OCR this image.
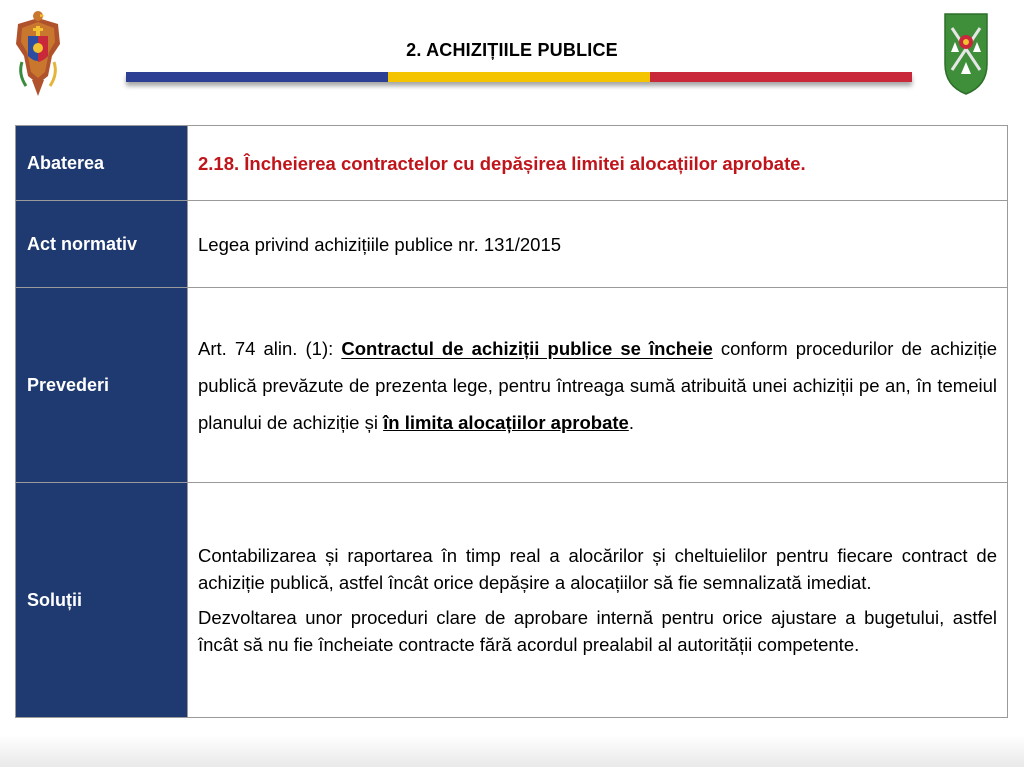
2. ACHIZIȚIILE PUBLICE
Abaterea	2.18. Încheierea contractelor cu depășirea limitei alocațiilor aprobate.
Act normativ	Legea privind achizițiile publice nr. 131/2015
Prevederi	Art. 74 alin. (1): Contractul de achiziții publice se încheie conform procedurilor de achiziție publică prevăzute de prezenta lege, pentru întreaga sumă atribuită unei achiziții pe an, în temeiul planului de achiziție și în limita alocațiilor aprobate.

Soluții	Contabilizarea și raportarea în timp real a alocărilor și cheltuielilor pentru fiecare contract de achiziție publică, astfel încât orice depășire a alocațiilor să fie semnalizată imediat.

Dezvoltarea unor proceduri clare de aprobare internă pentru orice ajustare a bugetului, astfel încât să nu fie încheiate contracte fără acordul prealabil al autorității competente.
